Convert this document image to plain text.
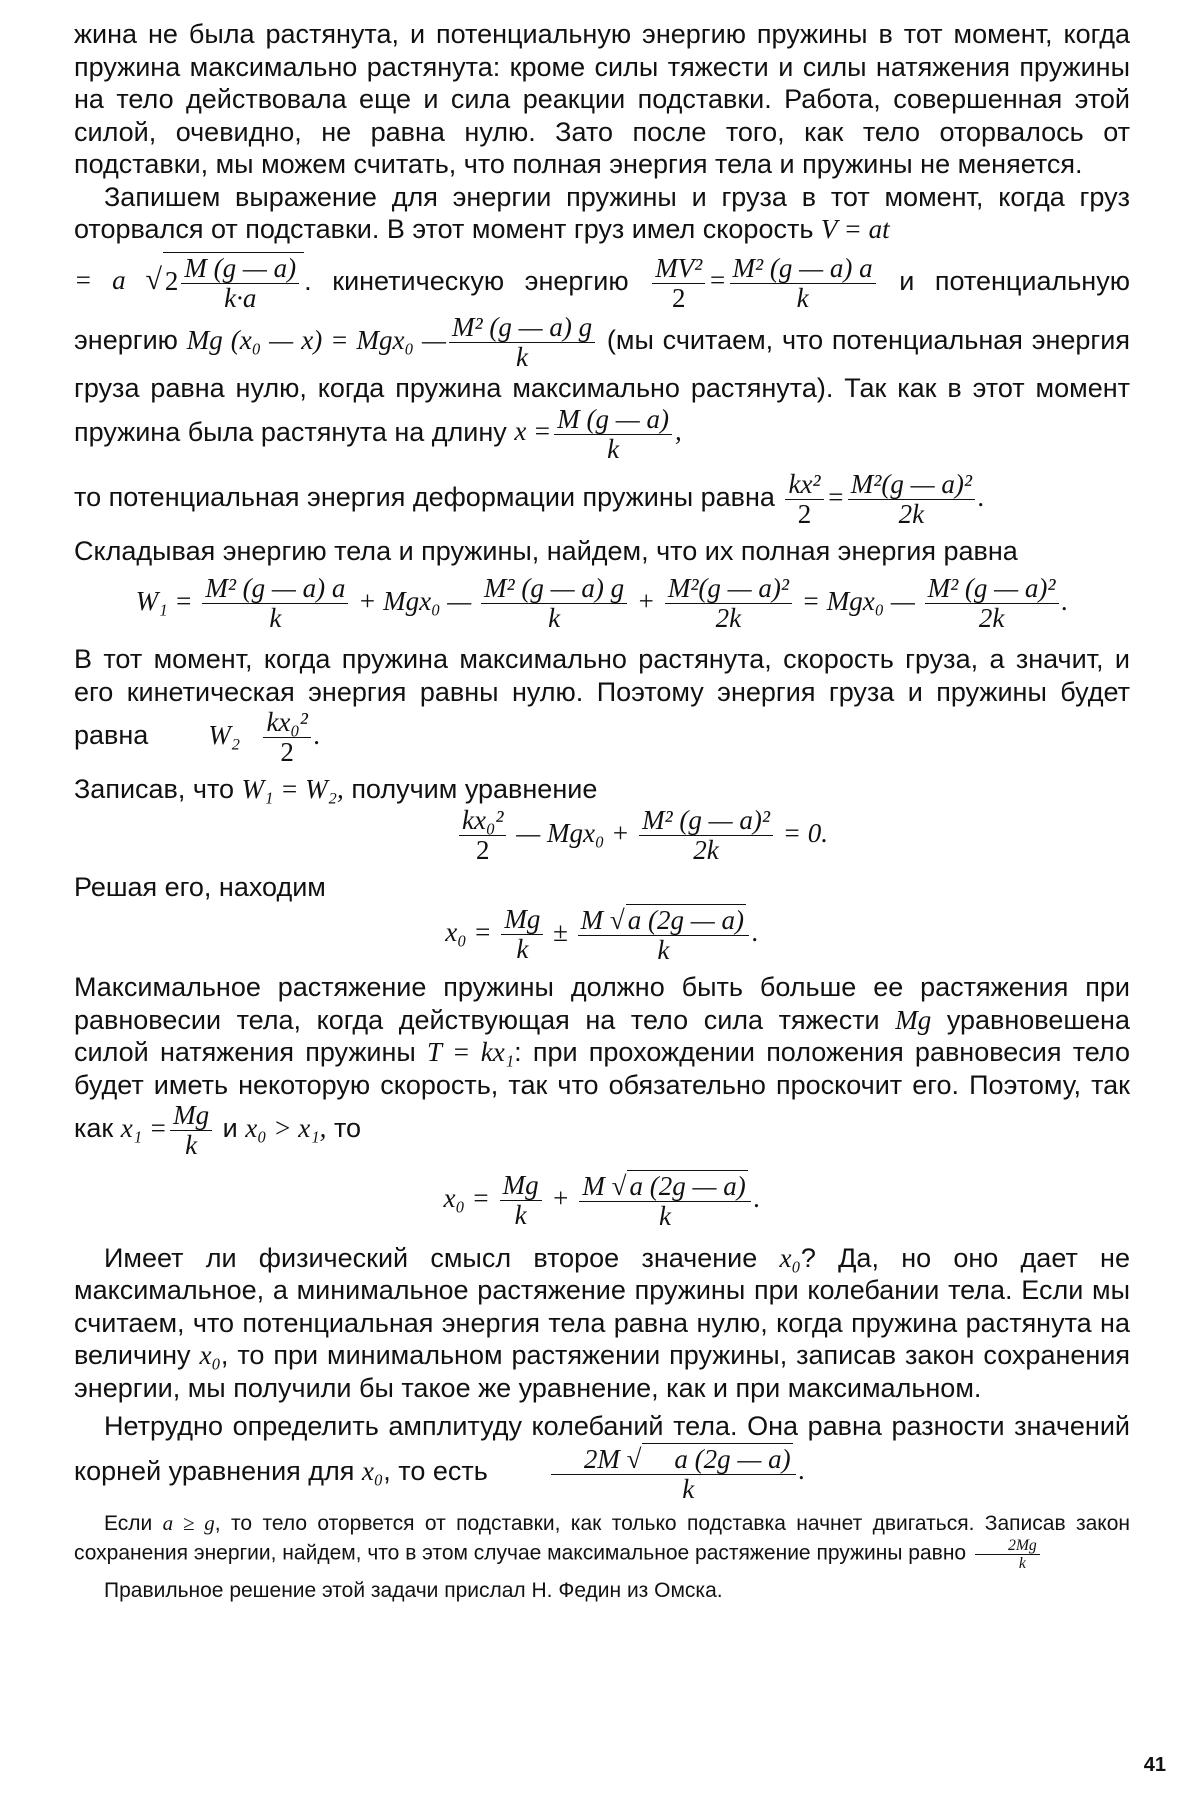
жина не была растянута, и потенциальную энергию пружины в тот момент, когда пружина максимально растянута: кроме силы тяжести и силы натяжения пружины на тело действовала еще и сила реакции подставки. Работа, совершенная этой силой, очевидно, не равна нулю. Зато после того, как тело оторвалось от подставки, мы можем считать, что полная энергия тела и пружины не меняется.

Запишем выражение для энергии пружины и груза в тот момент, когда груз оторвался от подставки. В этот момент груз имел скорость V = at

= a √ $2 \frac{M (g — a)}{k\cdot a}$ . кинетическую энергию $\frac{\text{MV²}}{2} = \frac{\text{M² (g — a) a}}{k}$ и потенциальную энергию Mg (x₀ — x) = Mgx₀ — $\frac{\text{M² (g — a) g}}{k} (мы$ считаем, что потенциальная энергия груза равна нулю, когда пружина максимально растянута). Так как в этот момент пружина была растянута на длину $x = \frac{M (g — a)}{k}$ ,

то потенциальная энергия деформации пружины равна $\frac{\text{kx²}}{2} = \frac{\text{M²(g — a)²}}{2k}$ .

Складывая энергию тела и пружины, найдем, что их полная энергия равна

$W_1 = \frac{\text{M² (g — a) a}}{k} + Mgx_0$ — $\frac{\text{M² (g — a) g}}{k} + \frac{\text{M²(g — a)²}}{2k} = Mgx_0$ — $\frac{\text{M² (g — a)²}}{2k}$ .

В тот момент, когда пружина максимально растянута, скорость груза, а значит, и его кинетическая энергия равны нулю. Поэтому энергия груза и пружины будет равна $W_2 \frac{\text{kx₀²}}{2}$ .

Записав, что W₁ = W₂, получим уравнение

$\frac{\text{kx₀²}}{2}$ — $Mgx_0 + \frac{\text{M² (g — a)²}}{2k} = 0$.

Решая его, находим

$x_0 = \frac{Mg}{k} \pm \frac{M √ a (2g — a)}{k}$ .

Максимальное растяжение пружины должно быть больше ее растяжения при равновесии тела, когда действующая на тело сила тяжести Mg уравновешена силой натяжения пружины T = kx₁: при прохождении положения равновесия тело будет иметь некоторую скорость, так что обязательно проскочит его. Поэтому, так как $x_1 = \frac{Mg}{k}$ и x₀ > x₁, то

$x_0 = \frac{Mg}{k} + \frac{M √ a (2g — a)}{k}$ .

Имеет ли физический смысл второе значение x₀? Да, но оно дает не максимальное, а минимальное растяжение пружины при колебании тела. Если мы считаем, что потенциальная энергия тела равна нулю, когда пружина растянута на величину x₀, то при минимальном растяжении пружины, записав закон сохранения энергии, мы получили бы такое же уравнение, как и при максимальном.

Нетрудно определить амплитуду колебаний тела. Она равна разности значений корней уравнения для x₀, то есть $\frac{2M √ a (2g — a)}{k}$ .

Если a ≥ g, то тело оторвется от подставки, как только подставка начнет двигаться. Записав закон сохранения энергии, найдем, что в этом случае максимальное растяжение пружины равно $\frac{2Mg}{k}$

Правильное решение этой задачи прислал Н. Федин из Омска.

41
